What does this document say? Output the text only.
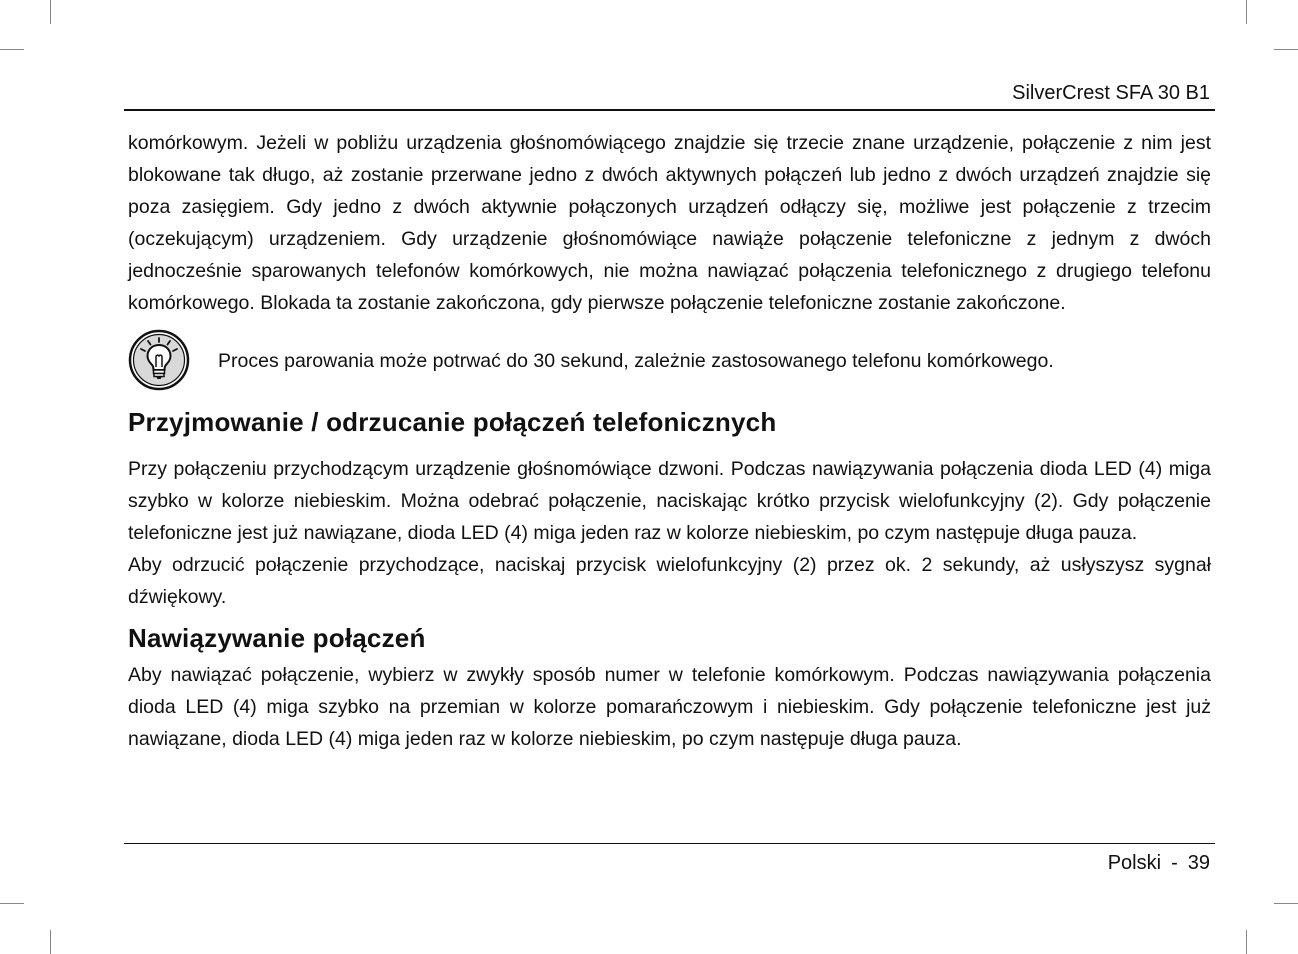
SilverCrest SFA 30 B1

komórkowym. Jeżeli w pobliżu urządzenia głośnomówiącego znajdzie się trzecie znane urządzenie, połączenie z nim jest blokowane tak długo, aż zostanie przerwane jedno z dwóch aktywnych połączeń lub jedno z dwóch urządzeń znajdzie się poza zasięgiem. Gdy jedno z dwóch aktywnie połączonych urządzeń odłączy się, możliwe jest połączenie z trzecim (oczekującym) urządzeniem. Gdy urządzenie głośnomówiące nawiąże połączenie telefoniczne z jednym z dwóch jednocześnie sparowanych telefonów komórkowych, nie można nawiązać połączenia telefonicznego z drugiego telefonu komórkowego. Blokada ta zostanie zakończona, gdy pierwsze połączenie telefoniczne zostanie zakończone.

Proces parowania może potrwać do 30 sekund, zależnie zastosowanego telefonu komórkowego.
Przyjmowanie / odrzucanie połączeń telefonicznych

Przy połączeniu przychodzącym urządzenie głośnomówiące dzwoni. Podczas nawiązywania połączenia dioda LED (4) miga szybko w kolorze niebieskim. Można odebrać połączenie, naciskając krótko przycisk wielofunkcyjny (2). Gdy połączenie telefoniczne jest już nawiązane, dioda LED (4) miga jeden raz w kolorze niebieskim, po czym następuje długa pauza.

Aby odrzucić połączenie przychodzące, naciskaj przycisk wielofunkcyjny (2) przez ok. 2 sekundy, aż usłyszysz sygnał dźwiękowy.

Nawiązywanie połączeń

Aby nawiązać połączenie, wybierz w zwykły sposób numer w telefonie komórkowym. Podczas nawiązywania połączenia dioda LED (4) miga szybko na przemian w kolorze pomarańczowym i niebieskim. Gdy połączenie telefoniczne jest już nawiązane, dioda LED (4) miga jeden raz w kolorze niebieskim, po czym następuje długa pauza.

Polski - 39
